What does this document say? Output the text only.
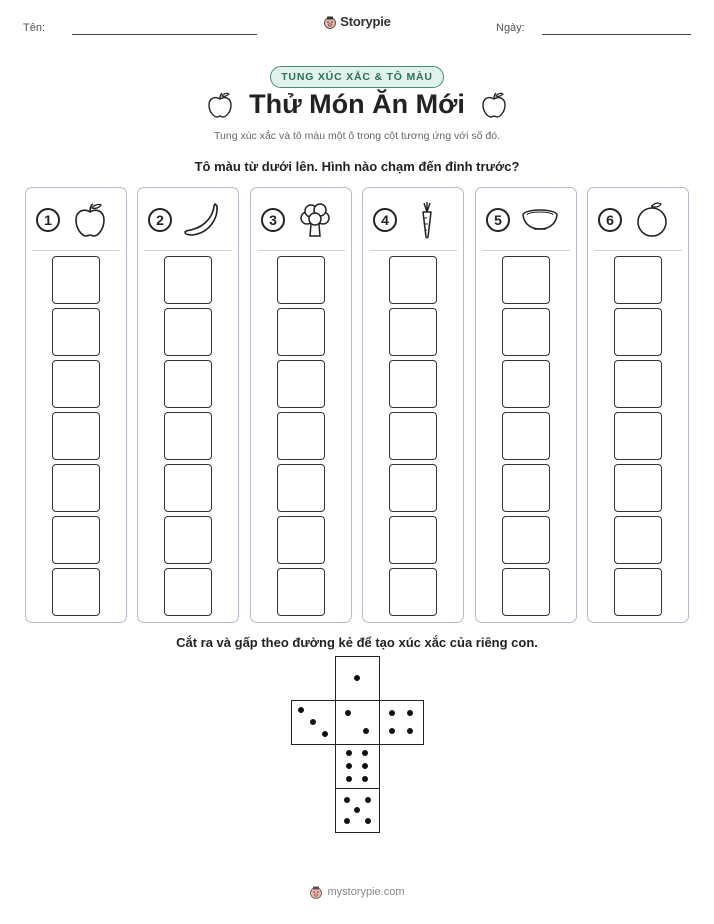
Tên:	Ngày:
Storypie
TUNG XÚC XẮC & TÔ MÀU
Thử Món Ăn Mới
Tung xúc xắc và tô màu một ô trong cột tương ứng với số đó.
Tô màu từ dưới lên. Hình nào chạm đến đỉnh trước?
1	2	3	4	5	6
Cắt ra và gấp theo đường kẻ để tạo xúc xắc của riêng con.
mystorypie.com
